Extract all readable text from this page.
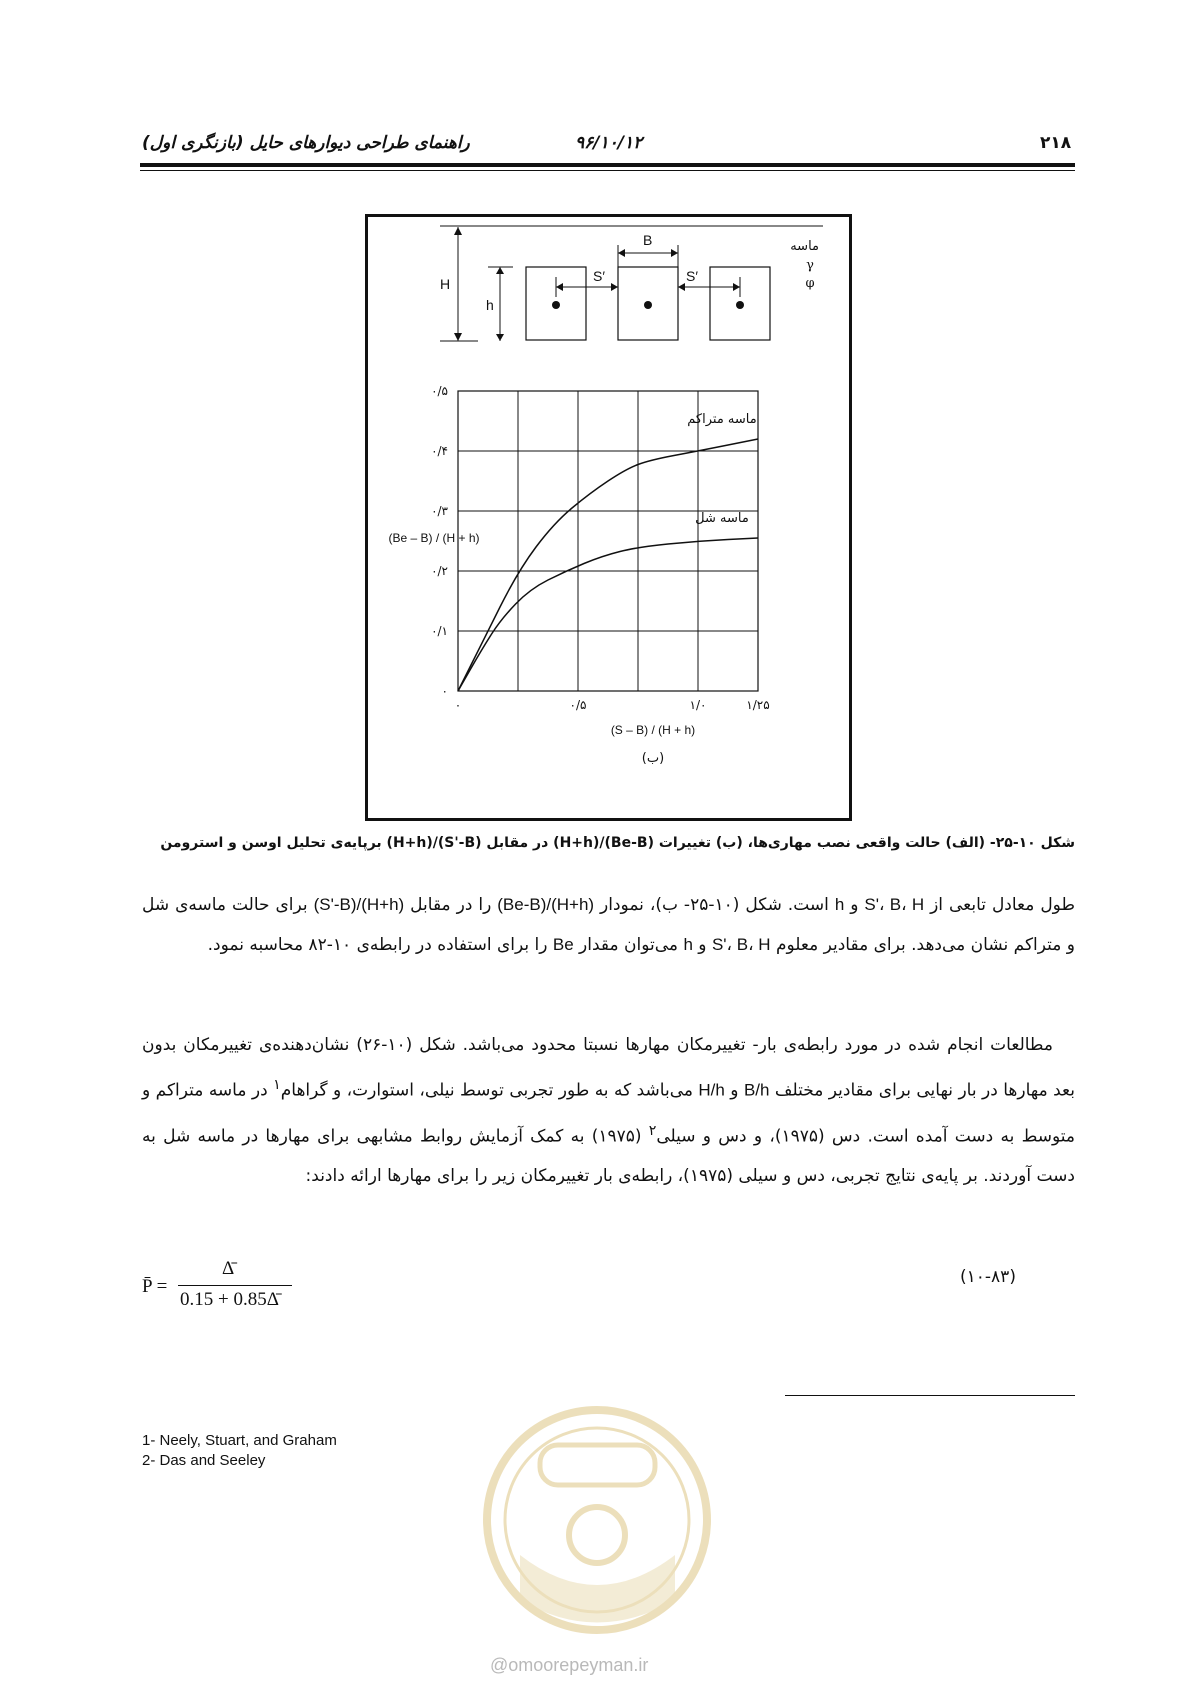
۲۱۸
۹۶/۱۰/۱۲
راهنمای طراحی دیوارهای حایل (بازنگری اول)
H
h
B
S′	S′
ماسه
γ
φ
۰
۰/۱
۰/۲
۰/۳
۰/۴
۰/۵
۰	۰/۵	۱/۰	۱/۲۵
ماسه متراکم
ماسه شل
(Be – B) / (H + h)
(S – B) / (H + h)
(ب)
شکل ۱۰-۲۵- (الف) حالت واقعی نصب مهاری‌ها، (ب) تغییرات (Be-B)/(H+h) در مقابل (S'-B)/(H+h) برپایه‌ی تحلیل اوسن و استرومن
طول معادل تابعی از S'، B، H و h است. شکل (۱۰-۲۵- ب)، نمودار (Be-B)/(H+h) را در مقابل (S'-B)/(H+h) برای حالت ماسه‌ی شل و متراکم نشان می‌دهد. برای مقادیر معلوم S'، B، H و h می‌توان مقدار Be را برای استفاده در رابطه‌ی ۱۰-۸۲ محاسبه نمود.
مطالعات انجام شده در مورد رابطه‌ی بار- تغییرمکان مهارها نسبتا محدود می‌باشد. شکل (۱۰-۲۶) نشان‌دهنده‌ی تغییرمکان بدون بعد مهارها در بار نهایی برای مقادیر مختلف B/h و H/h می‌باشد که به طور تجربی توسط نیلی، استوارت، و گراهام$^۱$ در ماسه متراکم و متوسط به دست آمده است. دس (۱۹۷۵)، و دس و سیلی$^۲$ (۱۹۷۵) به کمک آزمایش روابط مشابهی برای مهارها در ماسه شل به دست آوردند. بر پایه‌ی نتایج تجربی، دس و سیلی (۱۹۷۵)، رابطه‌ی بار تغییرمکان زیر را برای مهارها ارائه دادند:
P̄ =
Δ̄
0.15 + 0.85Δ̄
(۱۰-۸۳)
1- Neely, Stuart, and Graham
2- Das and Seeley
@omoorepeyman.ir
